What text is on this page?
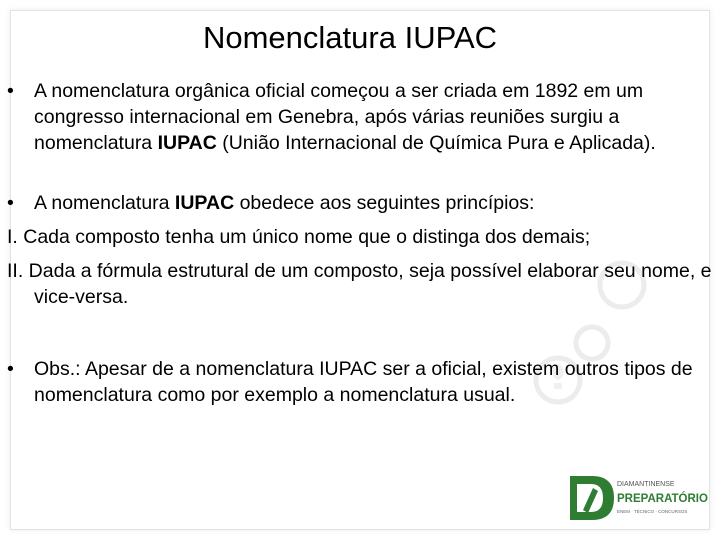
Nomenclatura IUPAC
• A nomenclatura orgânica oficial começou a ser criada em 1892 em um congresso internacional em Genebra, após várias reuniões surgiu a nomenclatura IUPAC (União Internacional de Química Pura e Aplicada).
• A nomenclatura IUPAC obedece aos seguintes princípios:
I. Cada composto tenha um único nome que o distinga dos demais;
II. Dada a fórmula estrutural de um composto, seja possível elaborar seu nome, e vice-versa.
• Obs.: Apesar de a nomenclatura IUPAC ser a oficial, existem outros tipos de nomenclatura como por exemplo a nomenclatura usual.
DIAMANTINENSE
PREPARATÓRIO
ENEM · TÉCNICO · CONCURSOS
